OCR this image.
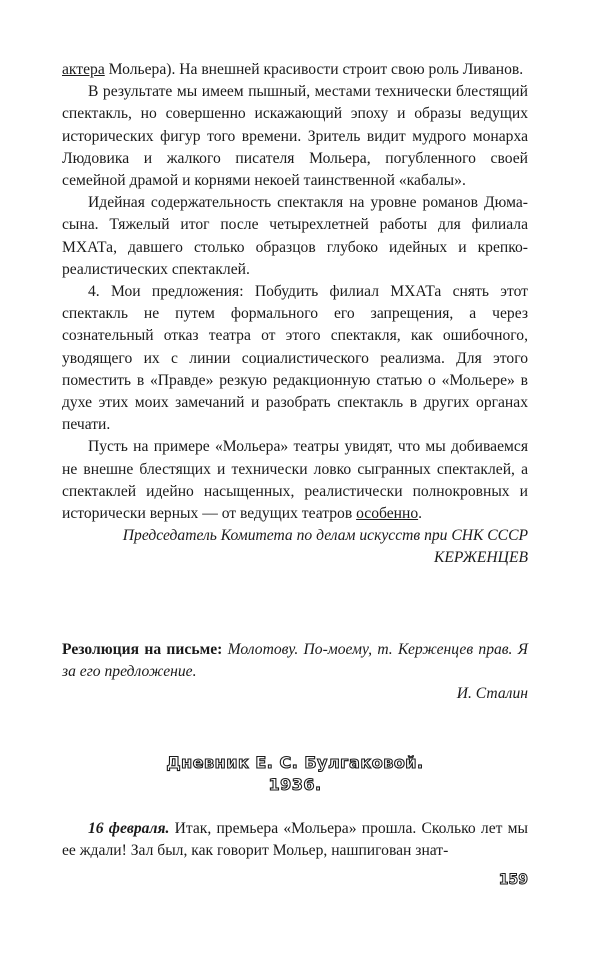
актера Мольера). На внешней красивости строит свою роль Ливанов.

В результате мы имеем пышный, местами технически блестящий спектакль, но совершенно искажающий эпоху и образы ведущих исторических фигур того времени. Зритель видит мудрого монарха Людовика и жалкого писателя Мольера, погубленного своей семейной драмой и корнями некоей таинственной «кабалы».

Идейная содержательность спектакля на уровне романов Дюма-сына. Тяжелый итог после четырехлетней работы для филиала МХАТа, давшего столько образцов глубоко идейных и крепко-реалистических спектаклей.

4. Мои предложения: Побудить филиал МХАТа снять этот спектакль не путем формального его запрещения, а через сознательный отказ театра от этого спектакля, как ошибочного, уводящего их с линии социалистического реализма. Для этого поместить в «Правде» резкую редакционную статью о «Мольере» в духе этих моих замечаний и разобрать спектакль в других органах печати.

Пусть на примере «Мольера» театры увидят, что мы добиваемся не внешне блестящих и технически ловко сыгранных спектаклей, а спектаклей идейно насыщенных, реалистически полнокровных и исторически верных — от ведущих театров особенно.

Председатель Комитета по делам искусств при СНК СССР

КЕРЖЕНЦЕВ

Резолюция на письме: Молотову. По-моему, т. Керженцев прав. Я за его предложение.

И. Сталин

Дневник Е. С. Булгаковой.
1936.

16 февраля. Итак, премьера «Мольера» прошла. Сколько лет мы ее ждали! Зал был, как говорит Мольер, нашпигован знат-

159
